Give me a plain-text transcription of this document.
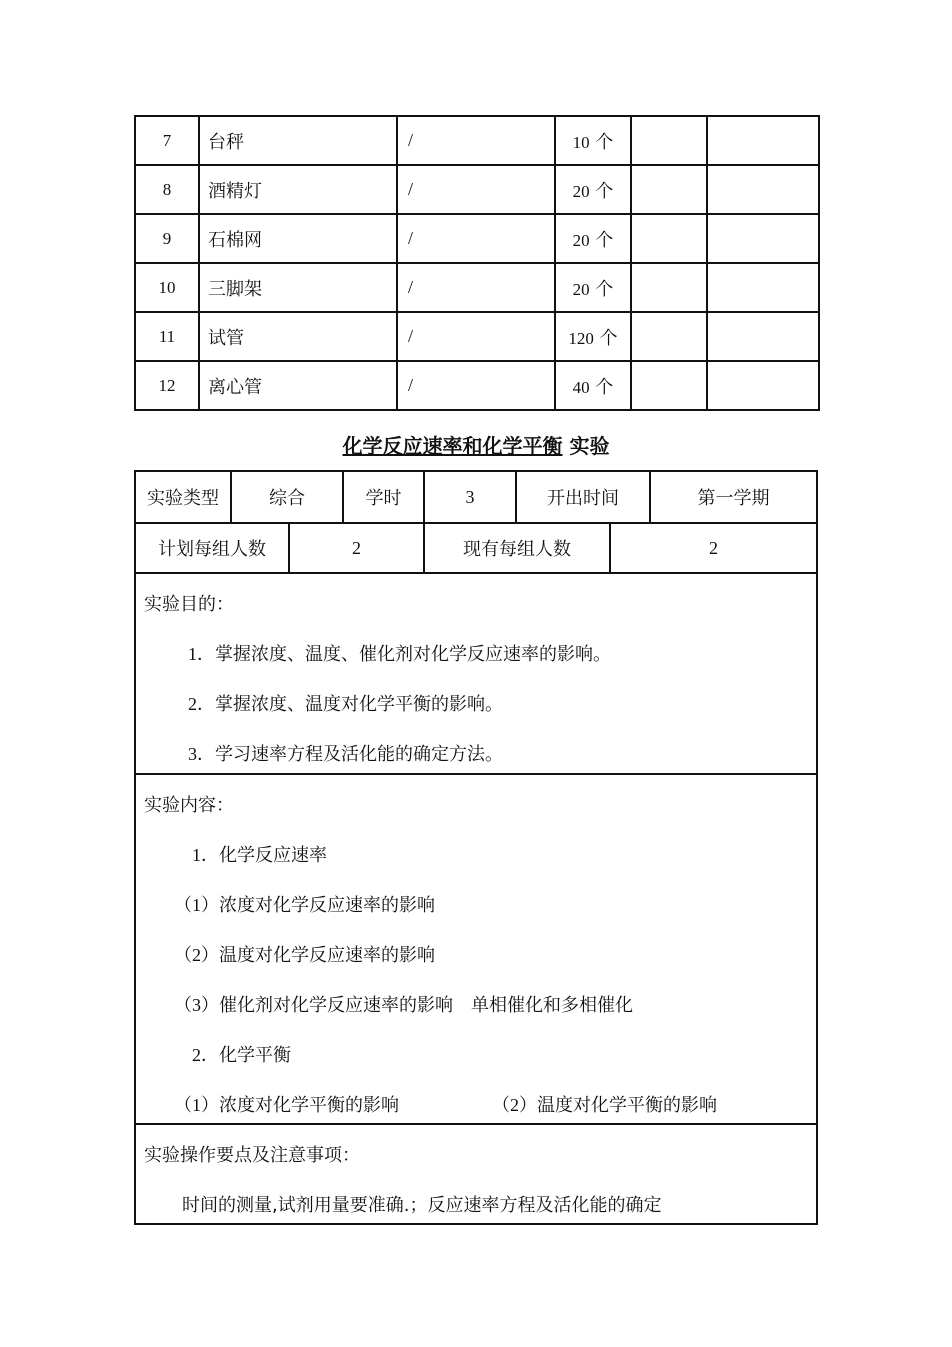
7	台秤	/	10 个		
8	酒精灯	/	20 个		
9	石棉网	/	20 个		
10	三脚架	/	20 个		
11	试管	/	120 个		
12	离心管	/	40 个		
化学反应速率和化学平衡 实验
实验类型	综合	学时	3	开出时间	第一学期
计划每组人数	2	现有每组人数	2
实验目的：
1．掌握浓度、温度、催化剂对化学反应速率的影响。
2．掌握浓度、温度对化学平衡的影响。
3．学习速率方程及活化能的确定方法。
实验内容：
1．化学反应速率
（1）浓度对化学反应速率的影响
（2）温度对化学反应速率的影响
（3）催化剂对化学反应速率的影响　单相催化和多相催化
2．化学平衡
（1）浓度对化学平衡的影响	（2）温度对化学平衡的影响
实验操作要点及注意事项：
时间的测量,试剂用量要准确.；反应速率方程及活化能的确定
